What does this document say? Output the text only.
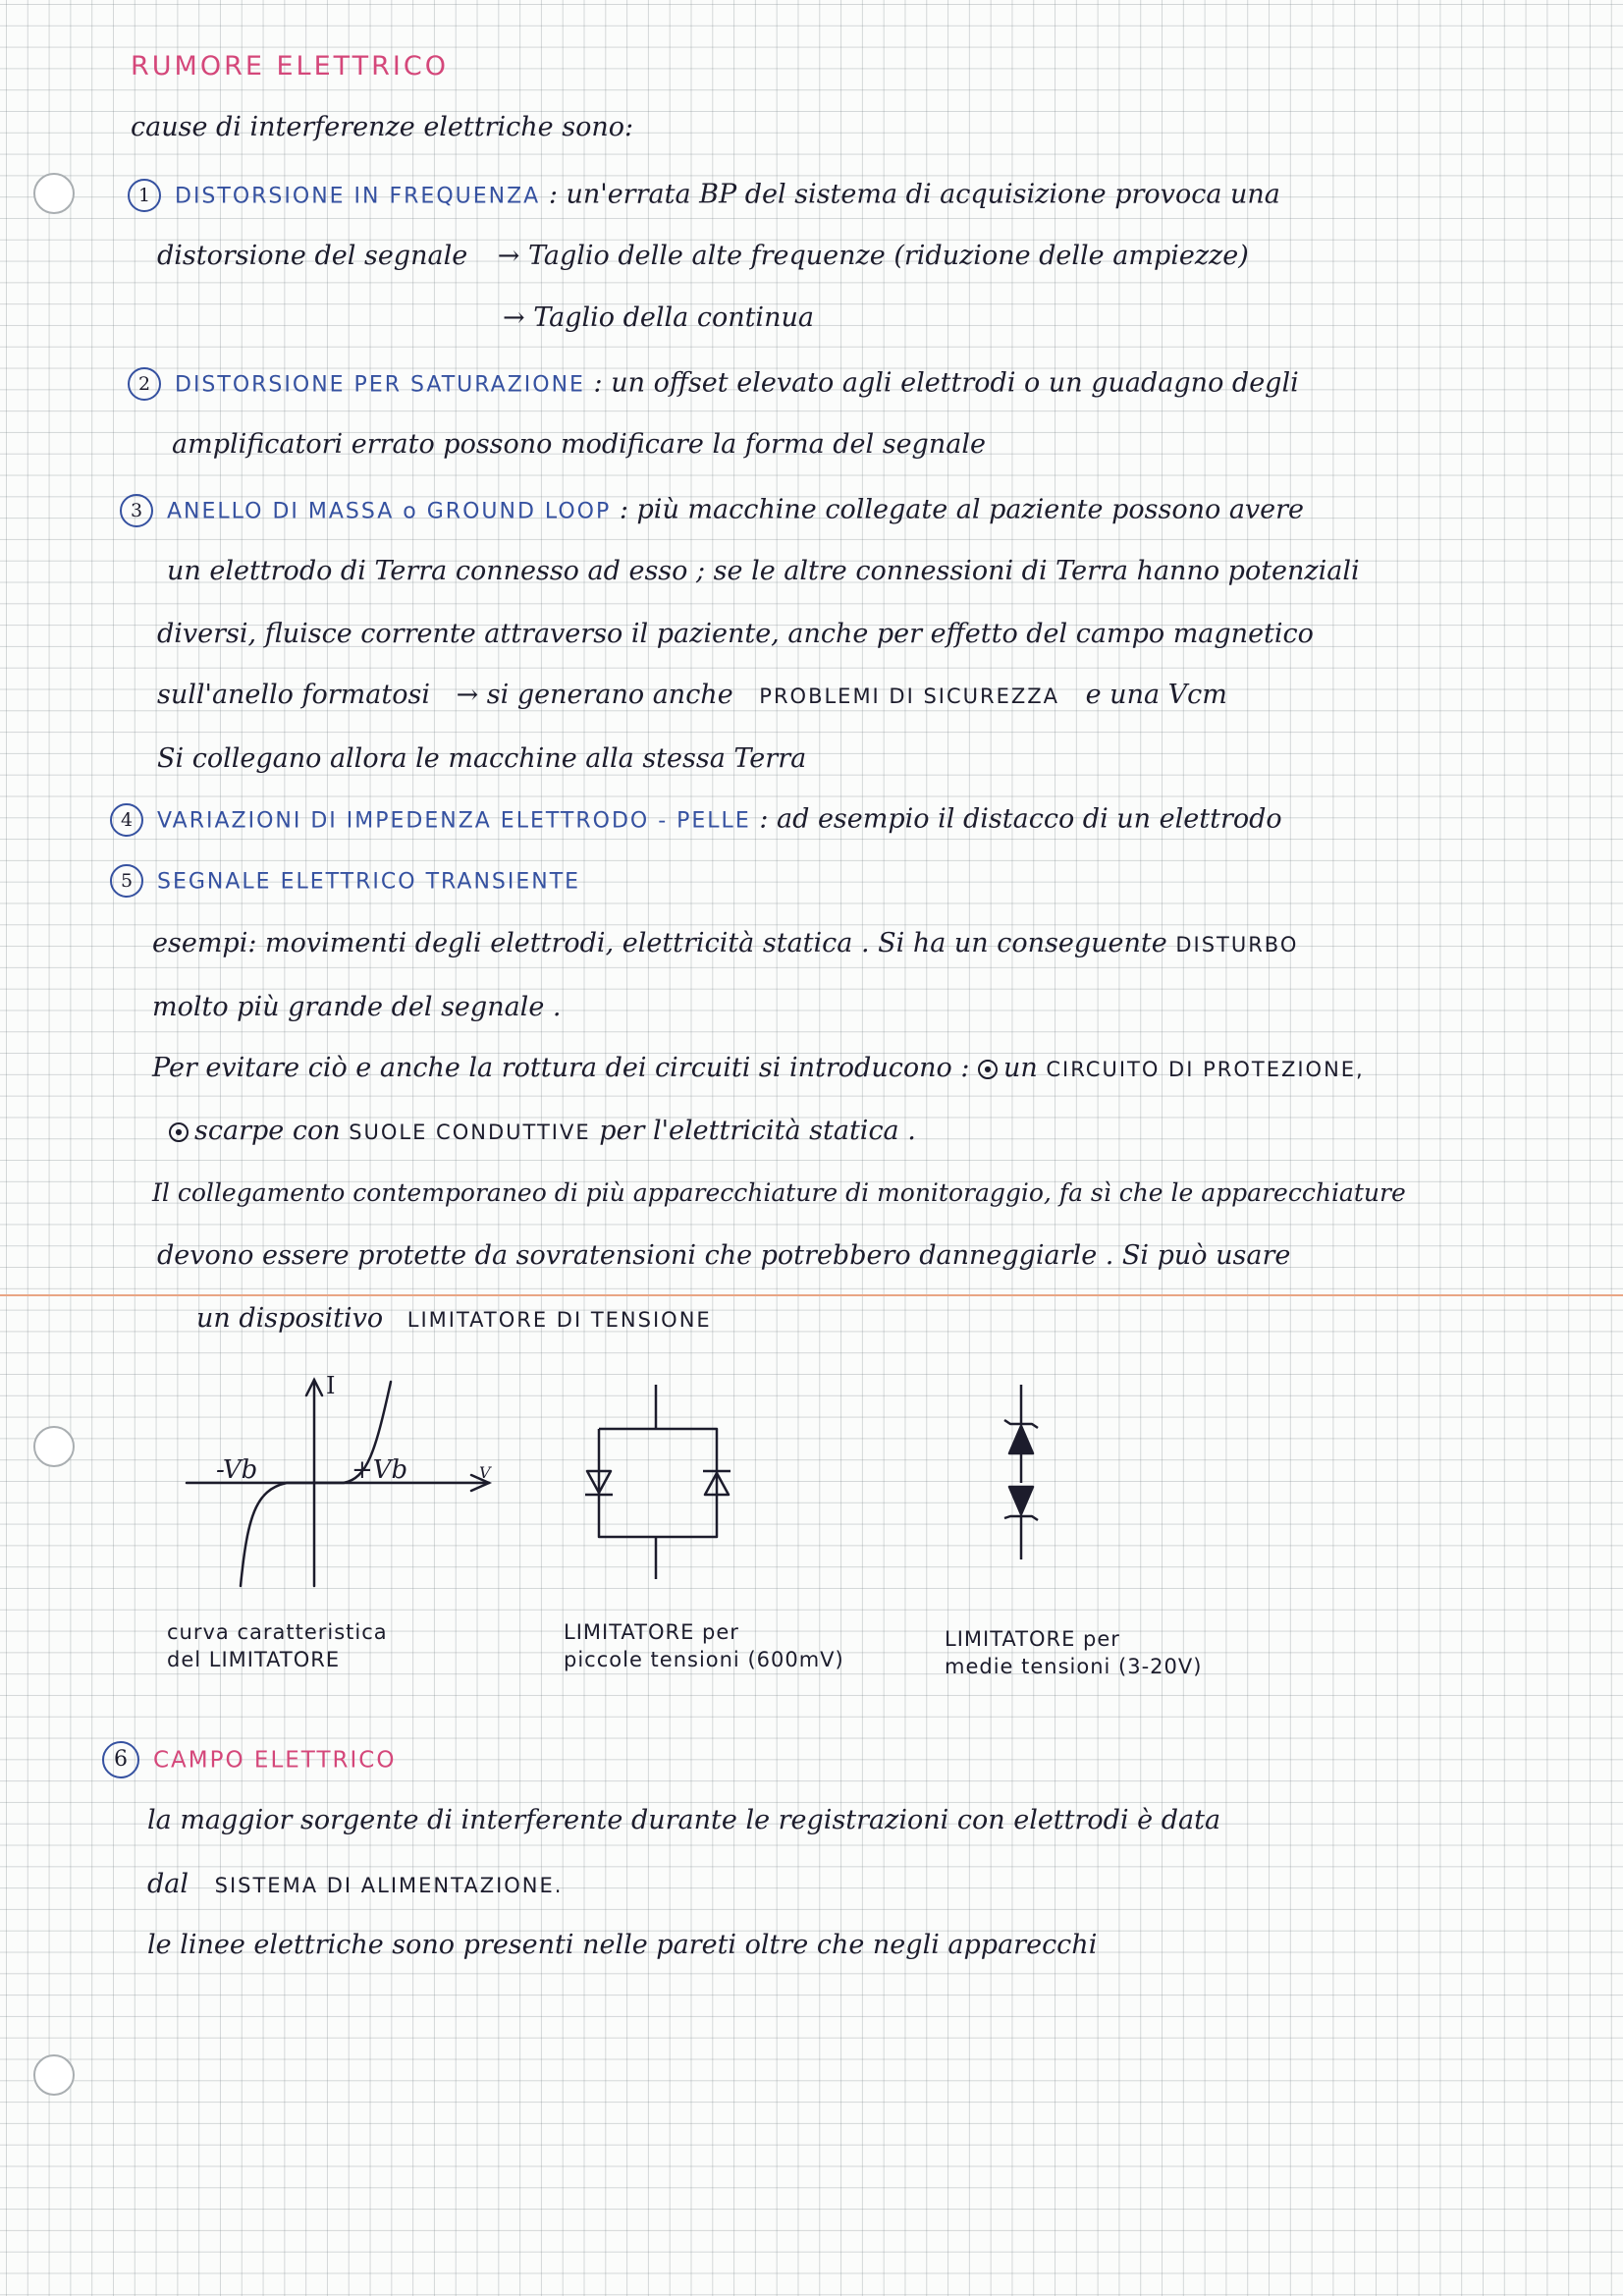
RUMORE ELETTRICO
cause di interferenze elettriche sono:
1 DISTORSIONE IN FREQUENZA : un'errata BP del sistema di acquisizione provoca una
distorsione del segnale → Taglio delle alte frequenze (riduzione delle ampiezze)
→ Taglio della continua
2 DISTORSIONE PER SATURAZIONE : un offset elevato agli elettrodi o un guadagno degli
amplificatori errato possono modificare la forma del segnale
3 ANELLO DI MASSA o GROUND LOOP : più macchine collegate al paziente possono avere
un elettrodo di Terra connesso ad esso ; se le altre connessioni di Terra hanno potenziali
diversi, fluisce corrente attraverso il paziente, anche per effetto del campo magnetico
sull'anello formatosi → si generano anche PROBLEMI DI SICUREZZA e una Vcm
Si collegano allora le macchine alla stessa Terra
4 VARIAZIONI DI IMPEDENZA ELETTRODO - PELLE : ad esempio il distacco di un elettrodo
5 SEGNALE ELETTRICO TRANSIENTE
esempi: movimenti degli elettrodi, elettricità statica . Si ha un conseguente DISTURBO
molto più grande del segnale .
Per evitare ciò e anche la rottura dei circuiti si introducono : ● un CIRCUITO DI PROTEZIONE,
● scarpe con SUOLE CONDUTTIVE per l'elettricità statica .
Il collegamento contemporaneo di più apparecchiature di monitoraggio, fa sì che le apparecchiature
devono essere protette da sovratensioni che potrebbero danneggiarle . Si può usare
un dispositivo LIMITATORE DI TENSIONE
I
V
-Vb	+Vb
curva caratteristica
del LIMITATORE
LIMITATORE per
piccole tensioni (600mV)
LIMITATORE per
medie tensioni (3-20V)
6 CAMPO ELETTRICO
la maggior sorgente di interferente durante le registrazioni con elettrodi è data
dal SISTEMA DI ALIMENTAZIONE.
le linee elettriche sono presenti nelle pareti oltre che negli apparecchi
